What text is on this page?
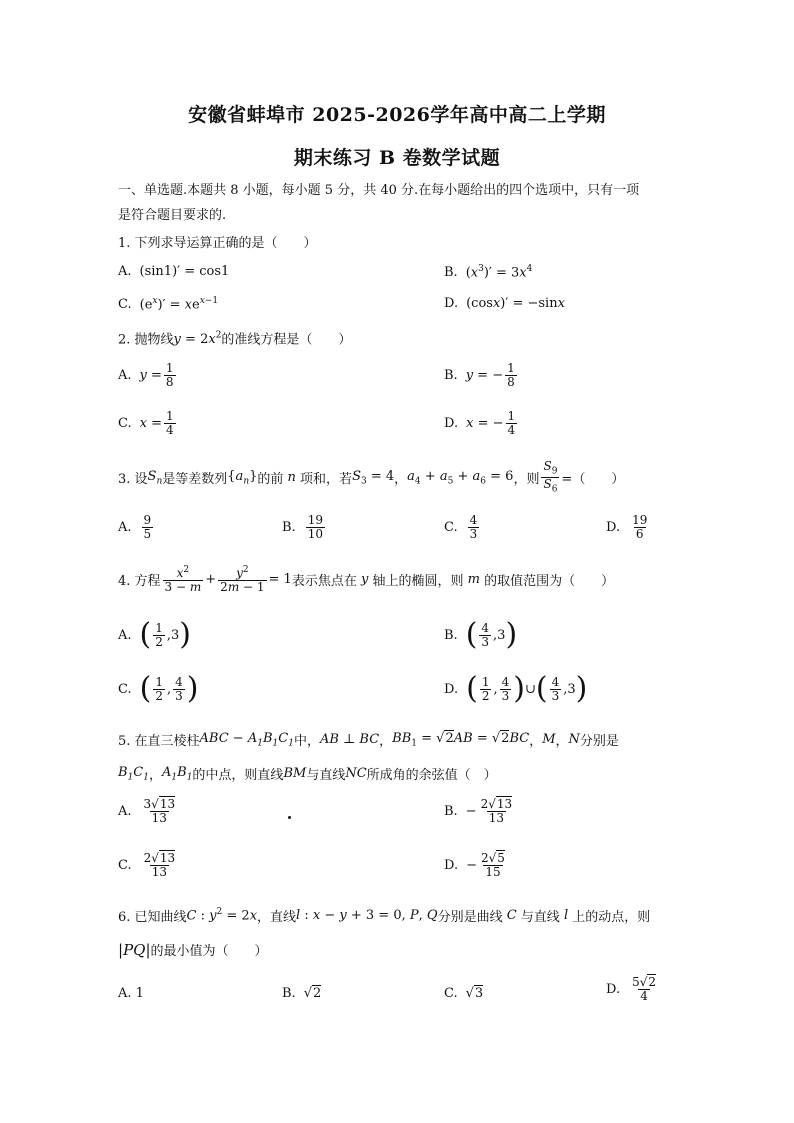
安徽省蚌埠市 2025-2026学年高中高二上学期
期末练习 B 卷数学试题
一、单选题.本题共 8 小题，每小题 5 分，共 40 分.在每小题给出的四个选项中，只有一项
是符合题目要求的.
1. 下列求导运算正确的是（　　）
A. (sin1)′ = cos1	B. $(x^3)' = 3x^4$
C. $(e^x)' = xe^{x-1}$	D. (cosx)′ = −sinx
2. 抛物线$y = 2x^2$的准线方程是（　　）
A. $y = \frac{1}{8}$	B. y = − $\frac{1}{8}$
C. $x = \frac{1}{4}$	D. x = − $\frac{1}{4}$
3. 设 $S_n$ 是等差数列 $\{a_n\}$ 的前 n 项和，若 $S_3 = 4$ ， $a_4 + a_5 + a_6 = 6$ ，则 $\frac{S_9}{S_6}$ =（　　）
A. $\frac{9}{5}$	B. $\frac{19}{10}$	C. $\frac{4}{3}$	D. $\frac{19}{6}$
4. 方程 $\frac{x^2}{3 - m} + \frac{y^2}{2m - 1} = 1$ 表示焦点在 y 轴上的椭圆，则 m 的取值范围为（　　）
A. ( $\frac{1}{2} ,3$ )	B. ( $\frac{4}{3} ,3$ )
C. ( $\frac{1}{2}$ , $\frac{4}{3}$ )	D. ( $\frac{1}{2}$ , $\frac{4}{3}$ ) ∪ ( $\frac{4}{3} ,3$ )
5. 在直三棱柱 ABC − $A_1B_1C_1$ 中， AB ⊥ BC ， $BB_1 = √2AB = √2BC$ ， M ， N 分别是
$B_1C_1$ ， $A_1B_1$ 的中点，则直线 BM 与直线 NC 所成角的余弦值（　）
A. $\frac{3√13}{13}$	B. − $\frac{2√13}{13}$
C. $\frac{2√13}{13}$	D. − $\frac{2√5}{15}$
6. 已知曲线 C : $y^2 = 2x$ ，直线 l : x − y + 3 = 0, P, Q 分别是曲线 C 与直线 l 上的动点，则
|PQ| 的最小值为（　　）
A. 1	B. √2	C. √3	D. $\frac{5√2}{4}$
